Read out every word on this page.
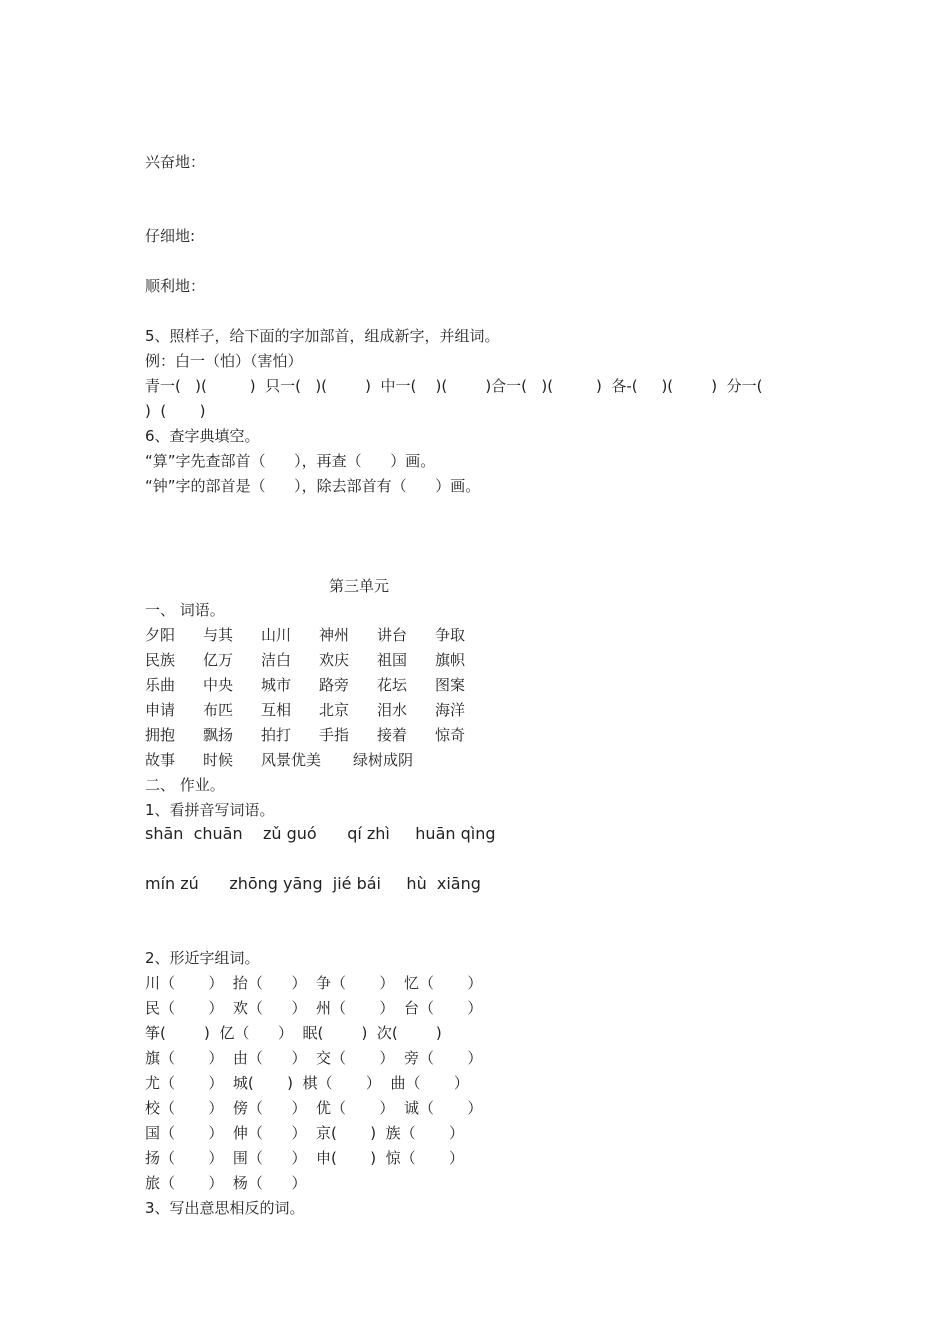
兴奋地：
仔细地:
顺利地：
5、照样子，给下面的字加部首，组成新字，并组词。
例：白一（怕）（害怕）
青一(   )(         )  只一(   )(        )  中一(    )(        )合一(   )(         )  各-(     )(        )  分一(
)  (       )
6、查字典填空。
“算”字先查部首（      ），再查（      ）画。
“钟”字的部首是（      ），除去部首有（      ）画。
第三单元
一、 词语。
夕阳	与其	山川	神州	讲台	争取
民族	亿万	洁白	欢庆	祖国	旗帜
乐曲	中央	城市	路旁	花坛	图案
申请	布匹	互相	北京	泪水	海洋
拥抱	飘扬	拍打	手指	接着	惊奇
故事	时候	风景优美	绿树成阴
二、 作业。
1、看拼音写词语。
shān  chuān    zǔ guó      qí zhì     huān qìng
mín zú      zhōng yāng  jié bái     hù  xiāng
2、形近字组词。
川（       ）  抬（      ）  争（       ）  忆（       ）
民（       ）  欢（      ）  州（       ）  台（       ）
筝(        )  亿（      ）  眠(        )  次(        )
旗（       ）  由（      ）  交（       ）  旁（       ）
尤（       ）  城(       )  棋（       ）  曲（       ）
校（       ）  傍（      ）  优（       ）  诚（       ）
国（       ）  伸（      ）  京(       )  族（       ）
扬（       ）  围（      ）  申(       )  惊（       ）
旅（       ）  杨（      ）
3、写出意思相反的词。
